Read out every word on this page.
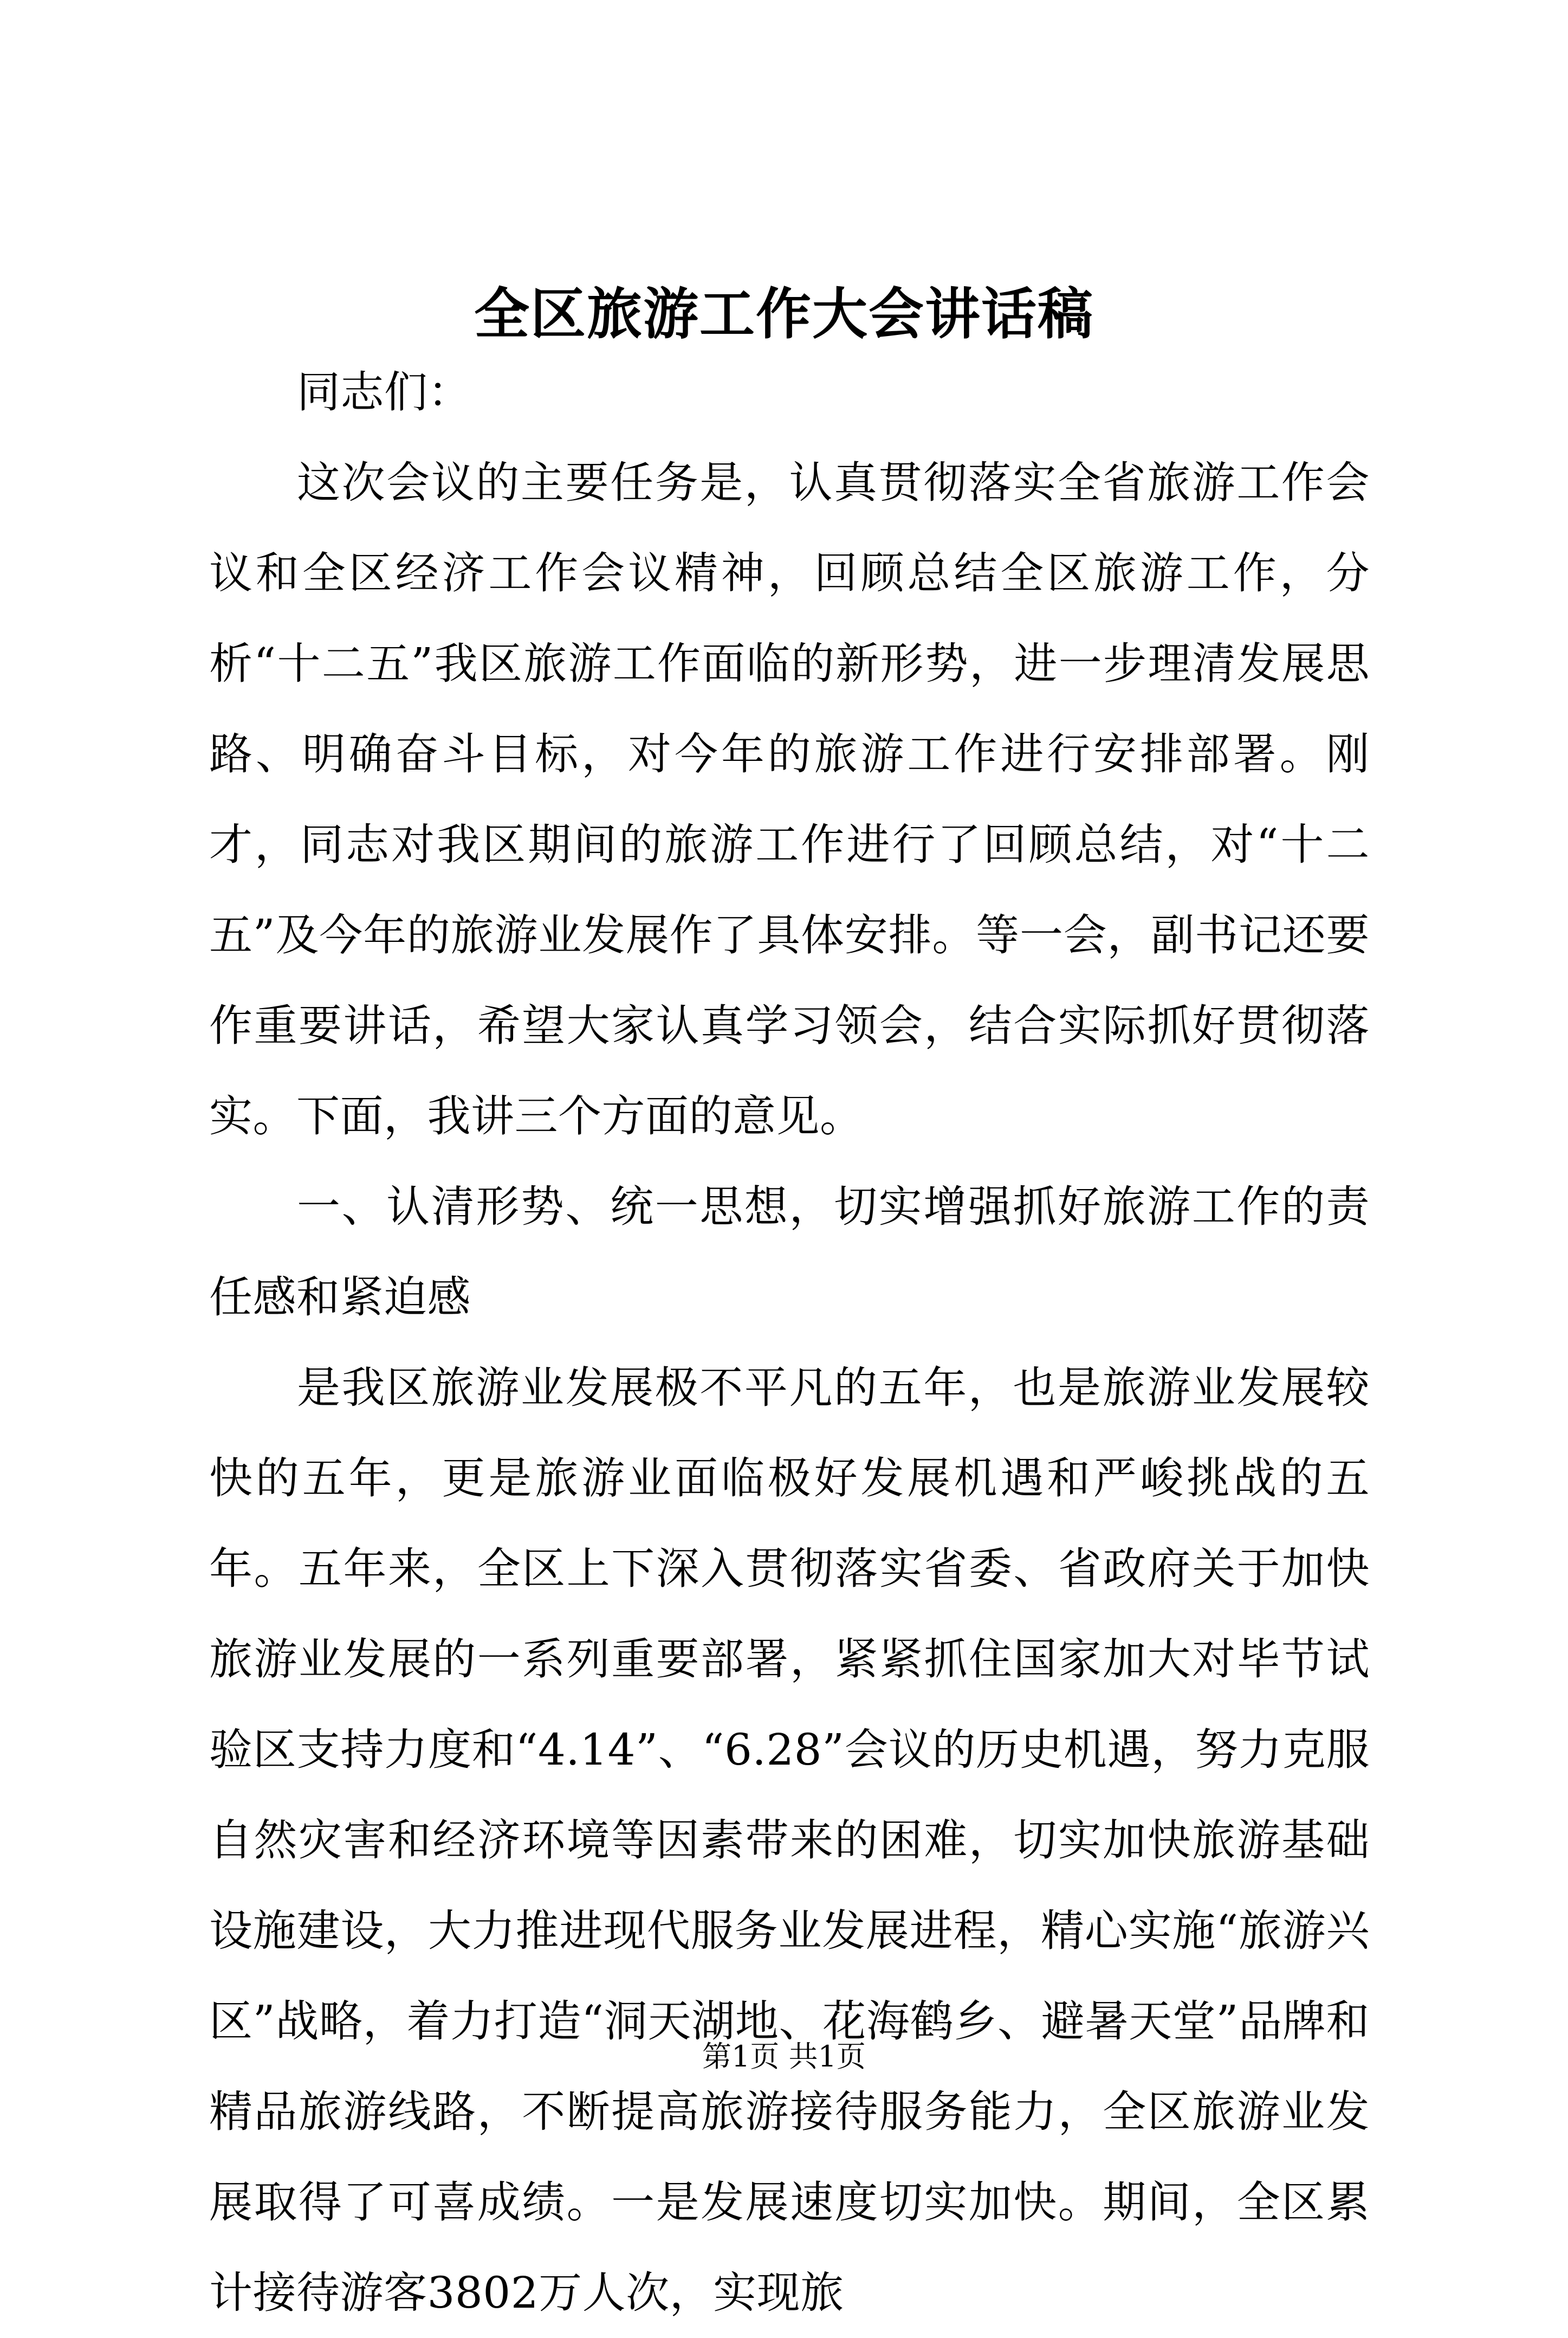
全区旅游工作大会讲话稿

同志们：

这次会议的主要任务是，认真贯彻落实全省旅游工作会议和全区经济工作会议精神，回顾总结全区旅游工作，分析“十二五”我区旅游工作面临的新形势，进一步理清发展思路、明确奋斗目标，对今年的旅游工作进行安排部署。刚才，同志对我区期间的旅游工作进行了回顾总结，对“十二五”及今年的旅游业发展作了具体安排。等一会，副书记还要作重要讲话，希望大家认真学习领会，结合实际抓好贯彻落实。下面，我讲三个方面的意见。

一、认清形势、统一思想，切实增强抓好旅游工作的责任感和紧迫感

是我区旅游业发展极不平凡的五年，也是旅游业发展较快的五年，更是旅游业面临极好发展机遇和严峻挑战的五年。五年来，全区上下深入贯彻落实省委、省政府关于加快旅游业发展的一系列重要部署，紧紧抓住国家加大对毕节试验区支持力度和“4.14”、“6.28”会议的历史机遇，努力克服自然灾害和经济环境等因素带来的困难，切实加快旅游基础设施建设，大力推进现代服务业发展进程，精心实施“旅游兴区”战略，着力打造“洞天湖地、花海鹤乡、避暑天堂”品牌和精品旅游线路，不断提高旅游接待服务能力，全区旅游业发展取得了可喜成绩。一是发展速度切实加快。期间，全区累计接待游客3802万人次，实现旅

第1页 共1页
